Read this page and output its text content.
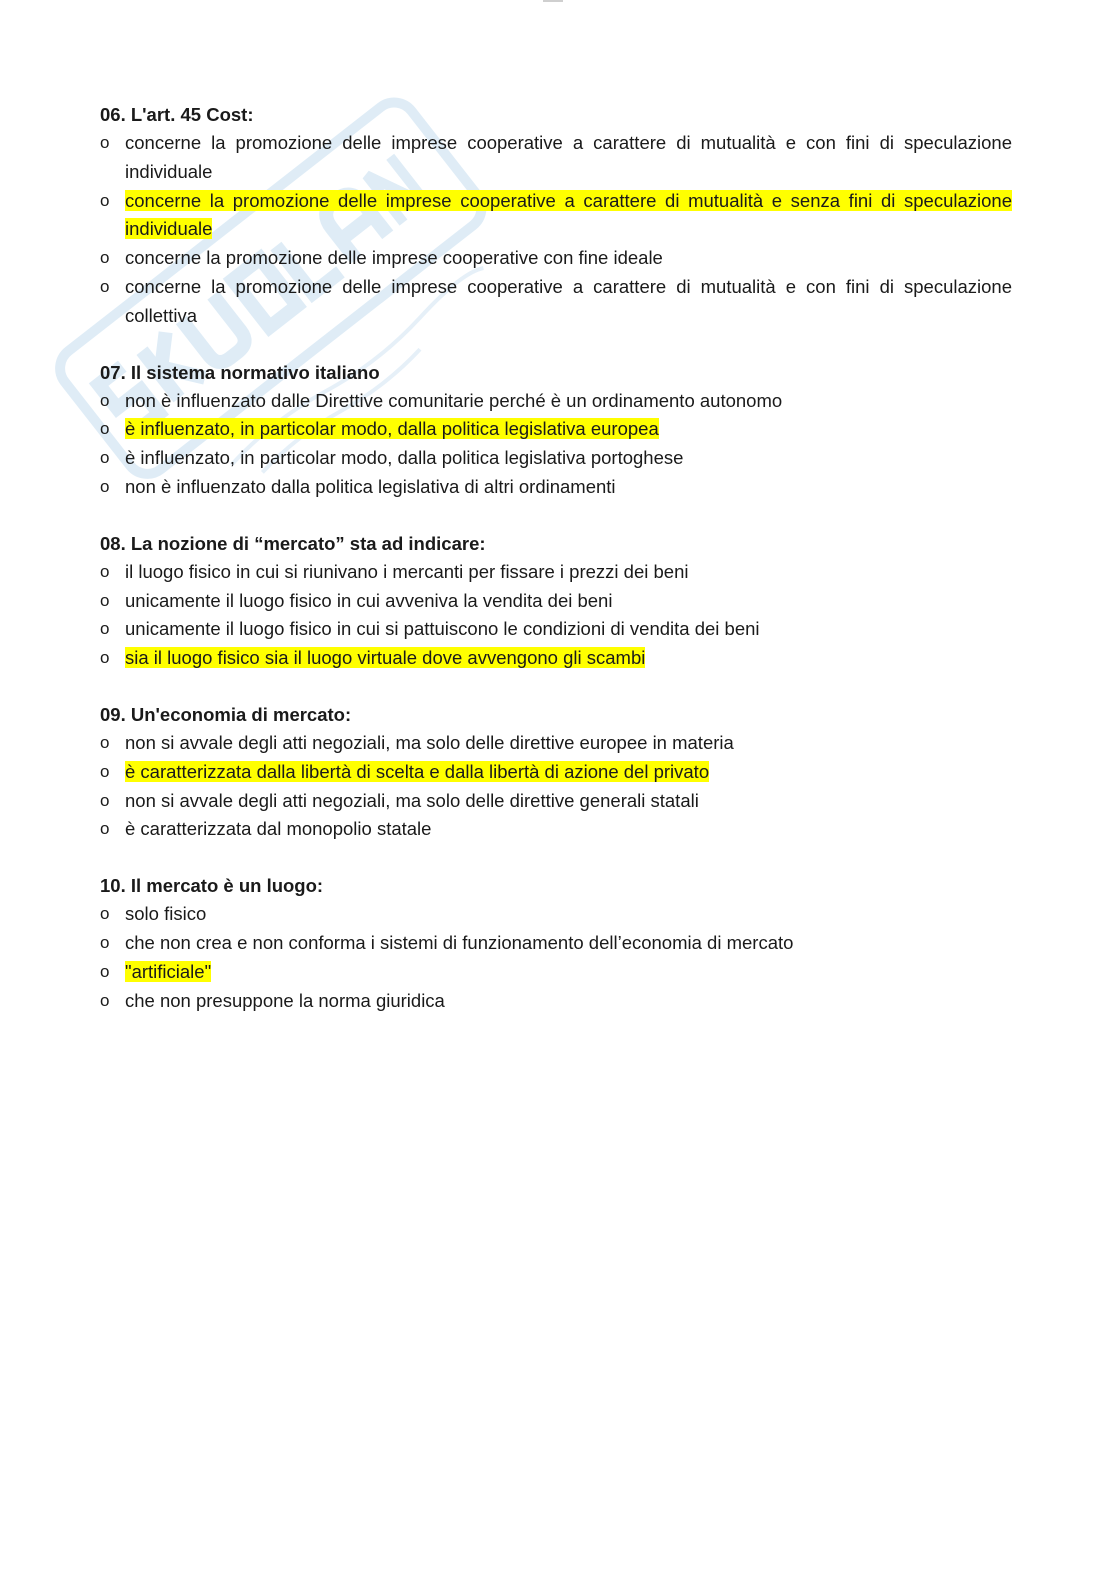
06. L'art. 45 Cost:

o concerne la promozione delle imprese cooperative a carattere di mutualità e con fini di speculazione individuale
o concerne la promozione delle imprese cooperative a carattere di mutualità e senza fini di speculazione individuale
o concerne la promozione delle imprese cooperative con fine ideale
o concerne la promozione delle imprese cooperative a carattere di mutualità e con fini di speculazione collettiva

07. Il sistema normativo italiano

o non è influenzato dalle Direttive comunitarie perché è un ordinamento autonomo
o è influenzato, in particolar modo, dalla politica legislativa europea
o è influenzato, in particolar modo, dalla politica legislativa portoghese
o non è influenzato dalla politica legislativa di altri ordinamenti

08. La nozione di “mercato” sta ad indicare:

o il luogo fisico in cui si riunivano i mercanti per fissare i prezzi dei beni
o unicamente il luogo fisico in cui avveniva la vendita dei beni
o unicamente il luogo fisico in cui si pattuiscono le condizioni di vendita dei beni
o sia il luogo fisico sia il luogo virtuale dove avvengono gli scambi

09. Un'economia di mercato:

o non si avvale degli atti negoziali, ma solo delle direttive europee in materia
o è caratterizzata dalla libertà di scelta e dalla libertà di azione del privato
o non si avvale degli atti negoziali, ma solo delle direttive generali statali
o è caratterizzata dal monopolio statale

10. Il mercato è un luogo:

o solo fisico
o che non crea e non conforma i sistemi di funzionamento dell’economia di mercato
o "artificiale"
o che non presuppone la norma giuridica
